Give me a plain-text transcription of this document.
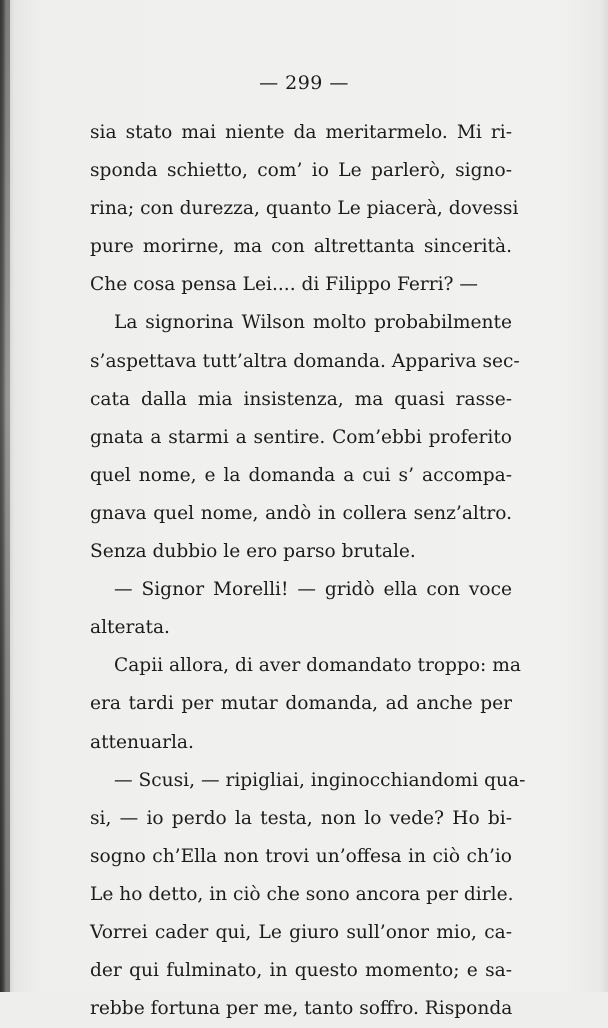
— 299 —
sia stato mai niente da meritarmelo. Mi ri-
sponda schietto, com’ io Le parlerò, signo-
rina; con durezza, quanto Le piacerà, dovessi
pure morirne, ma con altrettanta sincerità.
Che cosa pensa Lei.... di Filippo Ferri? —
La signorina Wilson molto probabilmente
s’aspettava tutt’altra domanda. Appariva sec-
cata dalla mia insistenza, ma quasi rasse-
gnata a starmi a sentire. Com’ebbi proferito
quel nome, e la domanda a cui s’ accompa-
gnava quel nome, andò in collera senz’altro.
Senza dubbio le ero parso brutale.
— Signor Morelli! — gridò ella con voce
alterata.
Capii allora, di aver domandato troppo: ma
era tardi per mutar domanda, ad anche per
attenuarla.
— Scusi, — ripigliai, inginocchiandomi qua-
si, — io perdo la testa, non lo vede? Ho bi-
sogno ch’Ella non trovi un’offesa in ciò ch’io
Le ho detto, in ciò che sono ancora per dirle.
Vorrei cader qui, Le giuro sull’onor mio, ca-
der qui fulminato, in questo momento; e sa-
rebbe fortuna per me, tanto soffro. Risponda
